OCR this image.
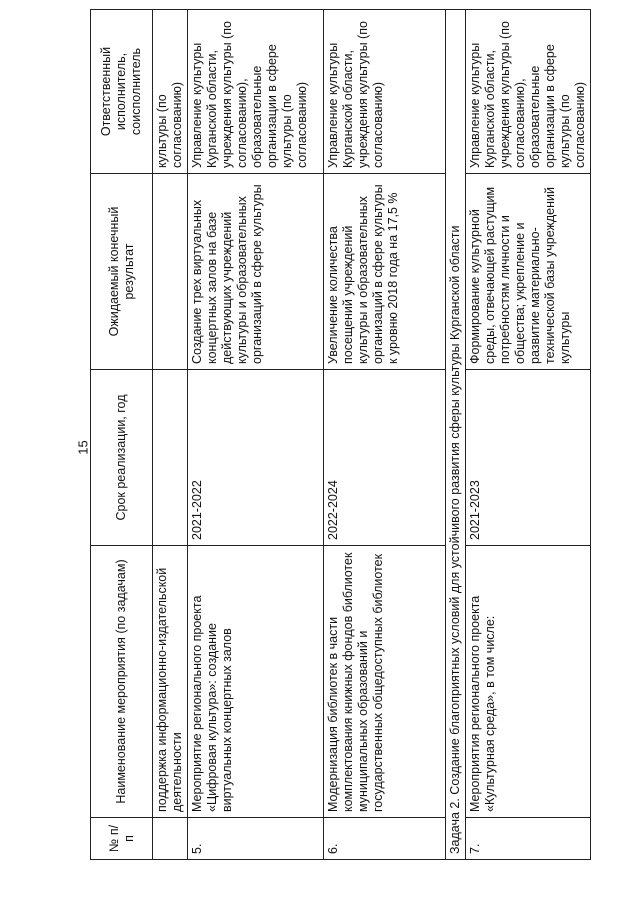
15
№ п/п	Наименование мероприятия (по задачам)	Срок реализации, год	Ожидаемый конечный результат	Ответственный исполнитель, соисполнитель
	поддержка информационно-издательской деятельности			культуры (по согласованию)
5.	Мероприятие регионального проекта «Цифровая культура»: создание виртуальных концертных залов	2021-2022	Создание трех виртуальных концертных залов на базе действующих учреждений культуры и образовательных организаций в сфере культуры	Управление культуры Курганской области, учреждения культуры (по согласованию), образовательные организации в сфере культуры (по согласованию)
6.	Модернизация библиотек в части комплектования книжных фондов библиотек муниципальных образований и государственных общедоступных библиотек	2022-2024	Увеличение количества посещений учреждений культуры и образовательных организаций в сфере культуры к уровню 2018 года на 17,5 %	Управление культуры Курганской области, учреждения культуры (по согласованию)
Задача 2. Создание благоприятных условий для устойчивого развития сферы культуры Курганской области				
7.	Мероприятия регионального проекта «Культурная среда», в том числе:	2021-2023	Формирование культурной среды, отвечающей растущим потребностям личности и общества; укрепление и развитие материально-технической базы учреждений культуры	Управление культуры Курганской области, учреждения культуры (по согласованию), образовательные организации в сфере культуры (по согласованию)
